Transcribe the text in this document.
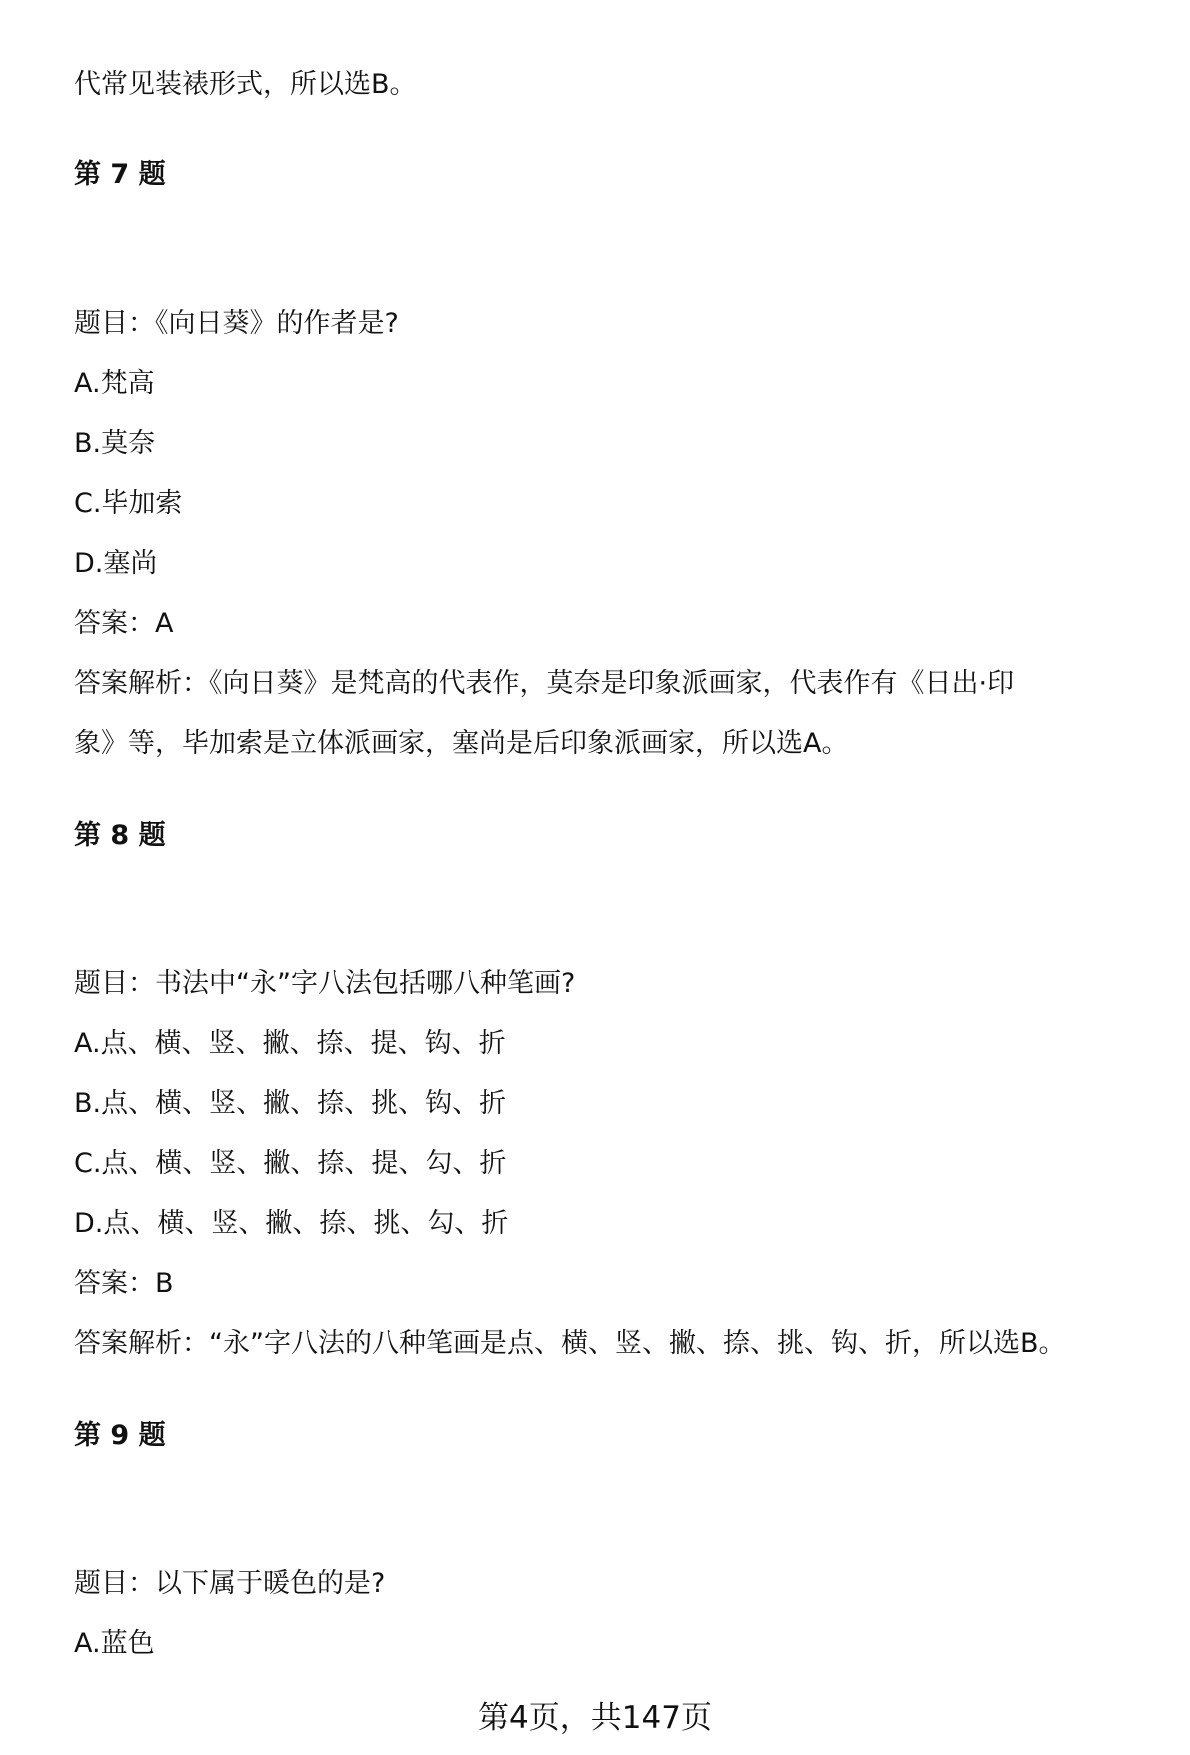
代常见装裱形式，所以选B。
第 7 题
题目：《向日葵》的作者是?
A.梵高
B.莫奈
C.毕加索
D.塞尚
答案：A
答案解析：《向日葵》是梵高的代表作，莫奈是印象派画家，代表作有《日出·印
象》等，毕加索是立体派画家，塞尚是后印象派画家，所以选A。
第 8 题
题目：书法中“永”字八法包括哪八种笔画?
A.点、横、竖、撇、捺、提、钩、折
B.点、横、竖、撇、捺、挑、钩、折
C.点、横、竖、撇、捺、提、勾、折
D.点、横、竖、撇、捺、挑、勾、折
答案：B
答案解析：“永”字八法的八种笔画是点、横、竖、撇、捺、挑、钩、折，所以选B。
第 9 题
题目：以下属于暖色的是?
A.蓝色
第4页，共147页
